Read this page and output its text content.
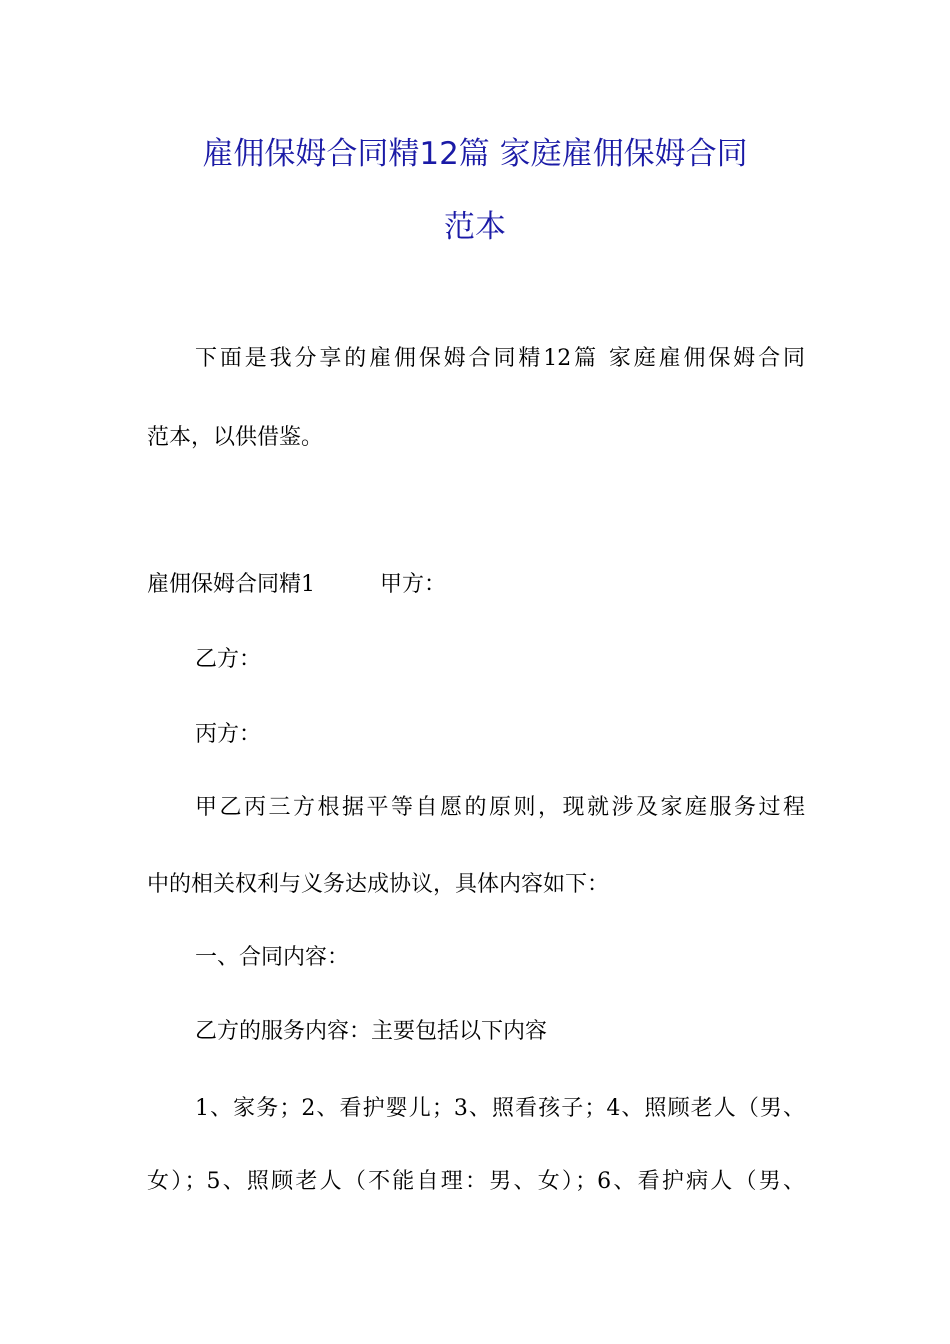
雇佣保姆合同精12篇 家庭雇佣保姆合同
范本
下面是我分享的雇佣保姆合同精12篇 家庭雇佣保姆合同
范本，以供借鉴。
雇佣保姆合同精1	甲方：
乙方：
丙方：
甲乙丙三方根据平等自愿的原则，现就涉及家庭服务过程
中的相关权利与义务达成协议，具体内容如下：
一、合同内容：
乙方的服务内容：主要包括以下内容
1、家务；2、看护婴儿；3、照看孩子；4、照顾老人（男、
女）；5、照顾老人（不能自理：男、女）；6、看护病人（男、
